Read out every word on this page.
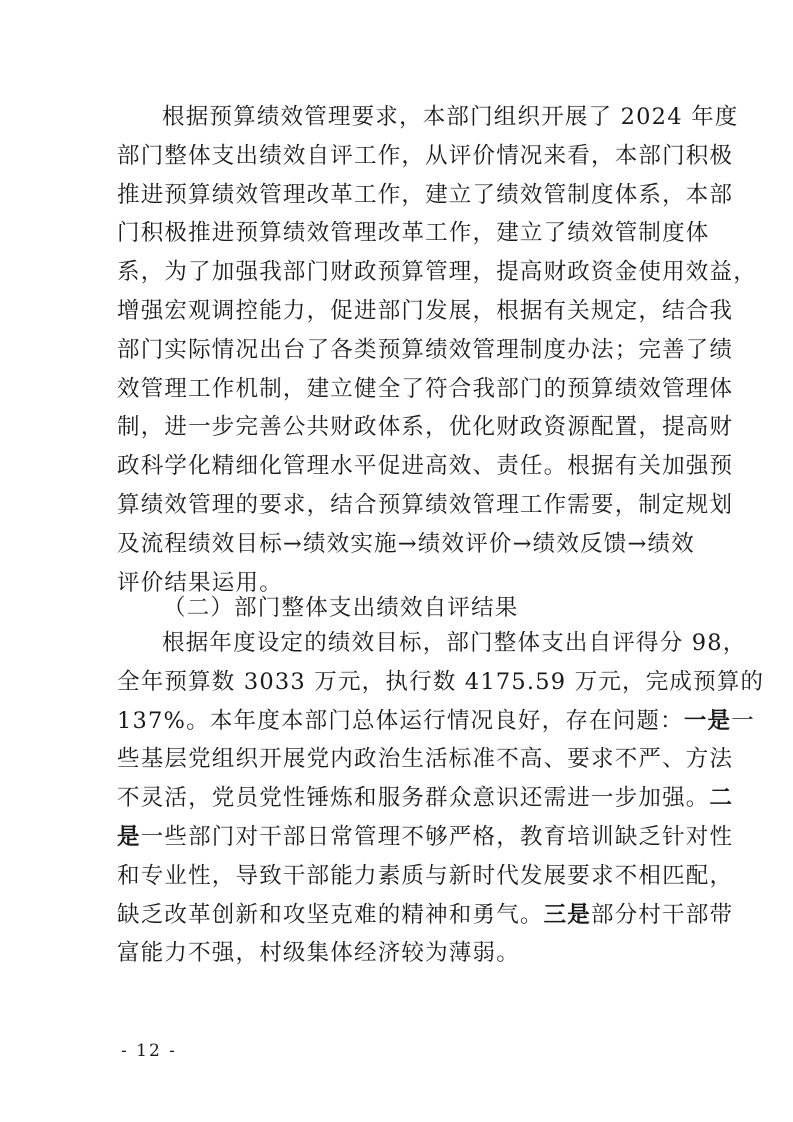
根据预算绩效管理要求，本部门组织开展了 2024 年度
部门整体支出绩效自评工作，从评价情况来看，本部门积极
推进预算绩效管理改革工作，建立了绩效管制度体系，本部
门积极推进预算绩效管理改革工作，建立了绩效管制度体
系，为了加强我部门财政预算管理，提高财政资金使用效益，
增强宏观调控能力，促进部门发展，根据有关规定，结合我
部门实际情况出台了各类预算绩效管理制度办法；完善了绩
效管理工作机制，建立健全了符合我部门的预算绩效管理体
制，进一步完善公共财政体系，优化财政资源配置，提高财
政科学化精细化管理水平促进高效、责任。根据有关加强预
算绩效管理的要求，结合预算绩效管理工作需要，制定规划
及流程绩效目标→绩效实施→绩效评价→绩效反馈→绩效
评价结果运用。
（二）部门整体支出绩效自评结果
根据年度设定的绩效目标，部门整体支出自评得分 98，
全年预算数 3033 万元，执行数 4175.59 万元，完成预算的
137%。本年度本部门总体运行情况良好，存在问题：一是一
些基层党组织开展党内政治生活标准不高、要求不严、方法
不灵活，党员党性锤炼和服务群众意识还需进一步加强。二
是一些部门对干部日常管理不够严格，教育培训缺乏针对性
和专业性，导致干部能力素质与新时代发展要求不相匹配，
缺乏改革创新和攻坚克难的精神和勇气。三是部分村干部带
富能力不强，村级集体经济较为薄弱。
- 12 -
